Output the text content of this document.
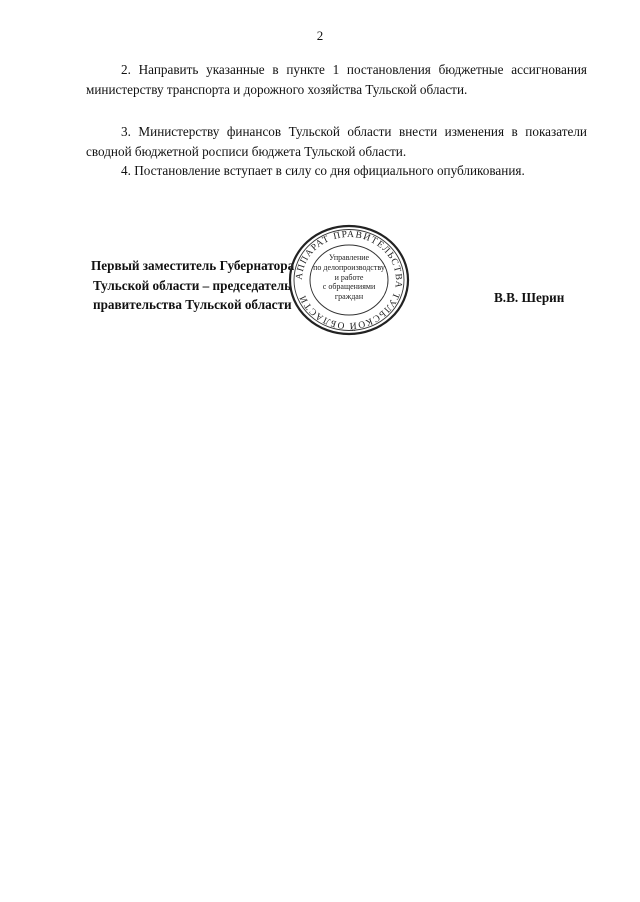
2

2. Направить указанные в пункте 1 постановления бюджетные ассигнования министерству транспорта и дорожного хозяйства Тульской области.

3. Министерству финансов Тульской области внести изменения в показатели сводной бюджетной росписи бюджета Тульской области.

4. Постановление вступает в силу со дня официального опубликования.

Первый заместитель Губернатора
Тульской области – председатель
правительства Тульской области	В.В. Шерин
АППАРАТ ПРАВИТЕЛЬСТВА ТУЛЬСКОЙ ОБЛАСТИ
Управление
по делопроизводству
и работе
с обращениями
граждан
